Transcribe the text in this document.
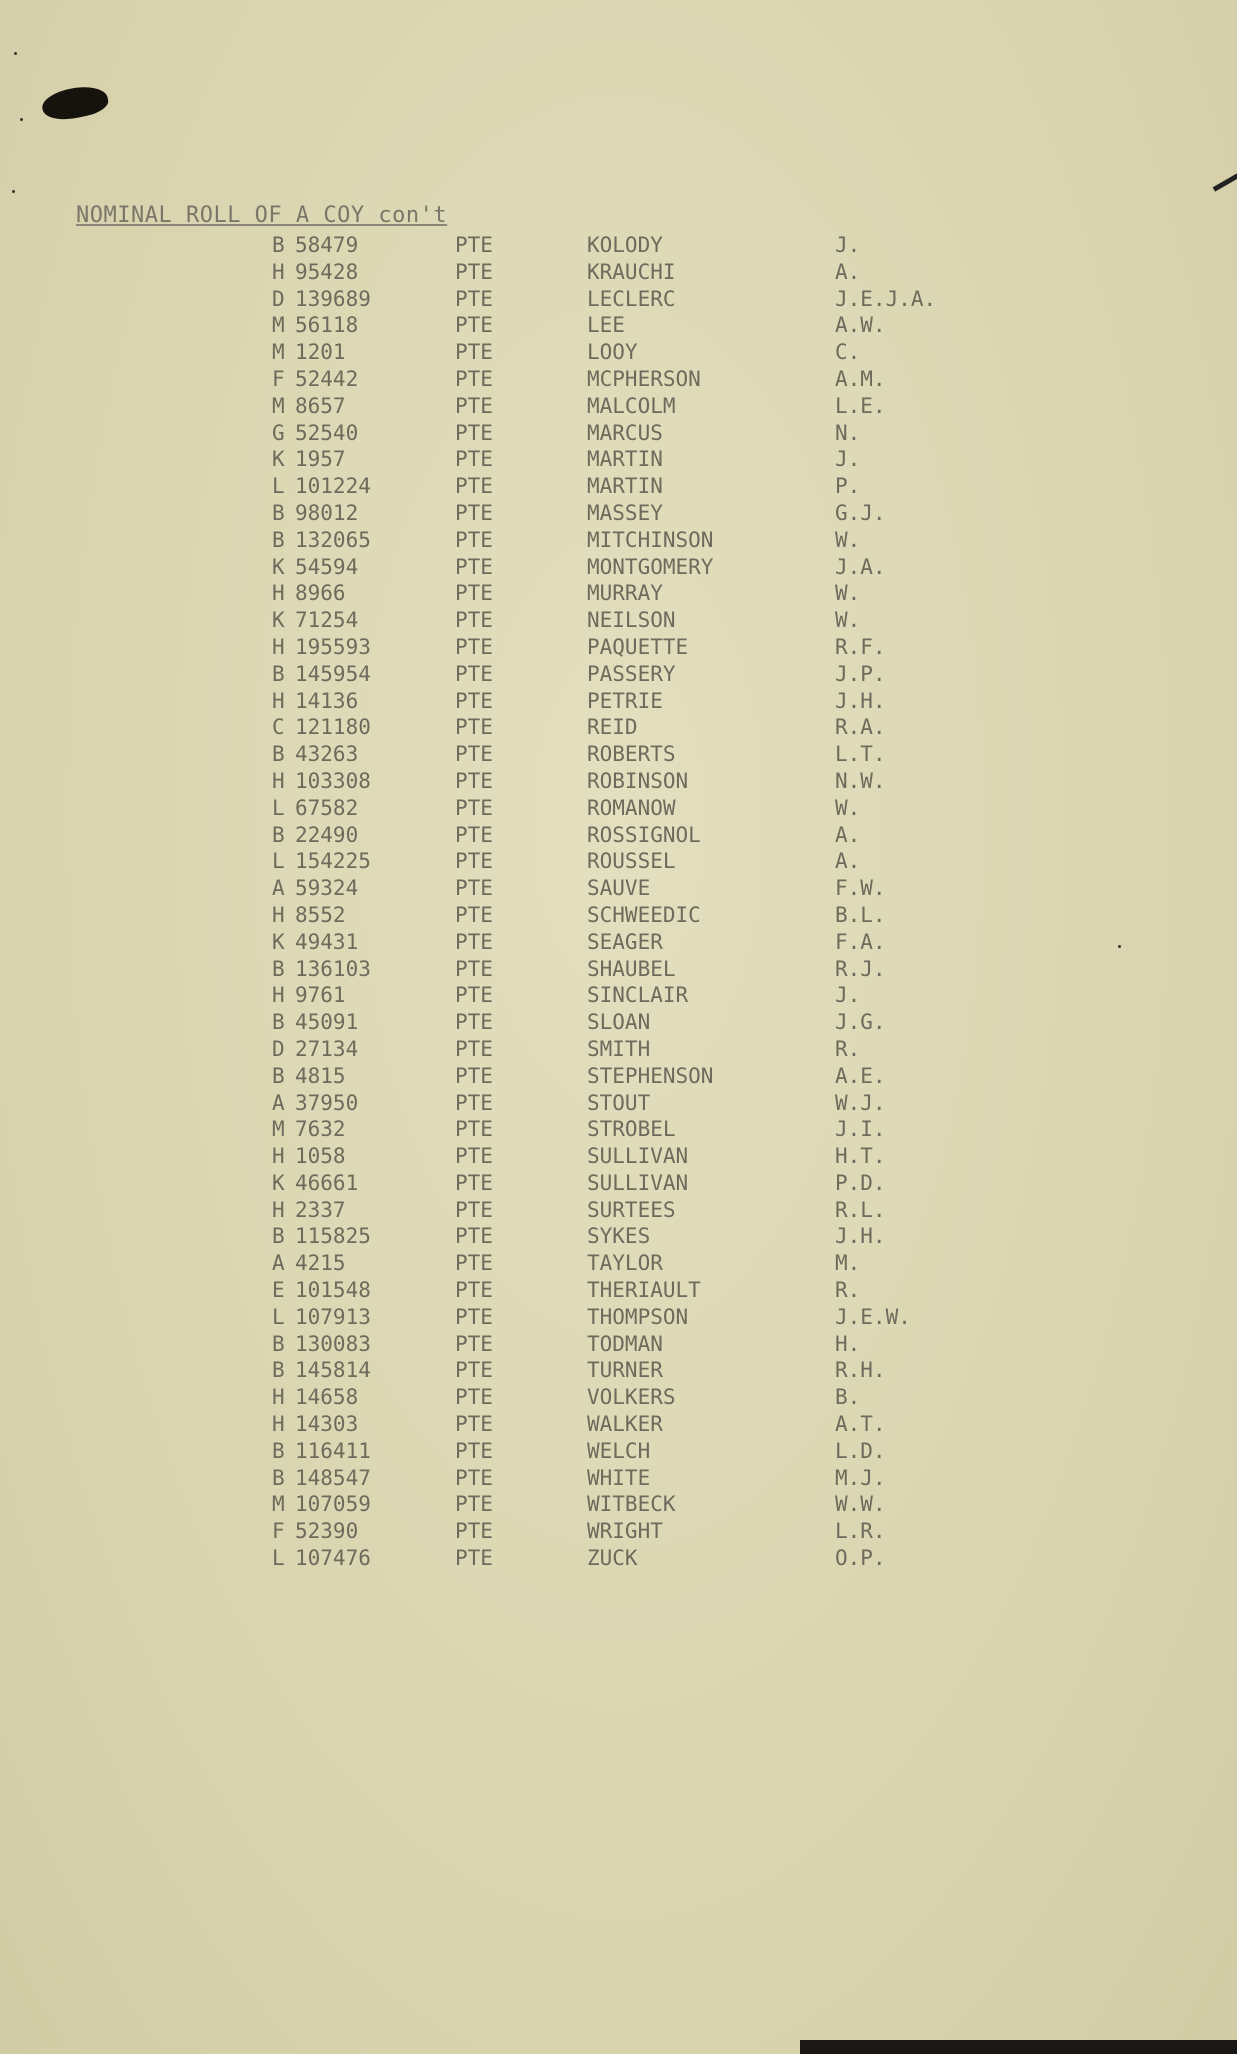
NOMINAL ROLL OF A COY con't
B 58479	PTE	KOLODY	J.
H 95428	PTE	KRAUCHI	A.
D 139689	PTE	LECLERC	J.E.J.A.
M 56118	PTE	LEE	A.W.
M 1201	PTE	LOOY	C.
F 52442	PTE	MCPHERSON	A.M.
M 8657	PTE	MALCOLM	L.E.
G 52540	PTE	MARCUS	N.
K 1957	PTE	MARTIN	J.
L 101224	PTE	MARTIN	P.
B 98012	PTE	MASSEY	G.J.
B 132065	PTE	MITCHINSON	W.
K 54594	PTE	MONTGOMERY	J.A.
H 8966	PTE	MURRAY	W.
K 71254	PTE	NEILSON	W.
H 195593	PTE	PAQUETTE	R.F.
B 145954	PTE	PASSERY	J.P.
H 14136	PTE	PETRIE	J.H.
C 121180	PTE	REID	R.A.
B 43263	PTE	ROBERTS	L.T.
H 103308	PTE	ROBINSON	N.W.
L 67582	PTE	ROMANOW	W.
B 22490	PTE	ROSSIGNOL	A.
L 154225	PTE	ROUSSEL	A.
A 59324	PTE	SAUVE	F.W.
H 8552	PTE	SCHWEEDIC	B.L.
K 49431	PTE	SEAGER	F.A.
B 136103	PTE	SHAUBEL	R.J.
H 9761	PTE	SINCLAIR	J.
B 45091	PTE	SLOAN	J.G.
D 27134	PTE	SMITH	R.
B 4815	PTE	STEPHENSON	A.E.
A 37950	PTE	STOUT	W.J.
M 7632	PTE	STROBEL	J.I.
H 1058	PTE	SULLIVAN	H.T.
K 46661	PTE	SULLIVAN	P.D.
H 2337	PTE	SURTEES	R.L.
B 115825	PTE	SYKES	J.H.
A 4215	PTE	TAYLOR	M.
E 101548	PTE	THERIAULT	R.
L 107913	PTE	THOMPSON	J.E.W.
B 130083	PTE	TODMAN	H.
B 145814	PTE	TURNER	R.H.
H 14658	PTE	VOLKERS	B.
H 14303	PTE	WALKER	A.T.
B 116411	PTE	WELCH	L.D.
B 148547	PTE	WHITE	M.J.
M 107059	PTE	WITBECK	W.W.
F 52390	PTE	WRIGHT	L.R.
L 107476	PTE	ZUCK	O.P.
